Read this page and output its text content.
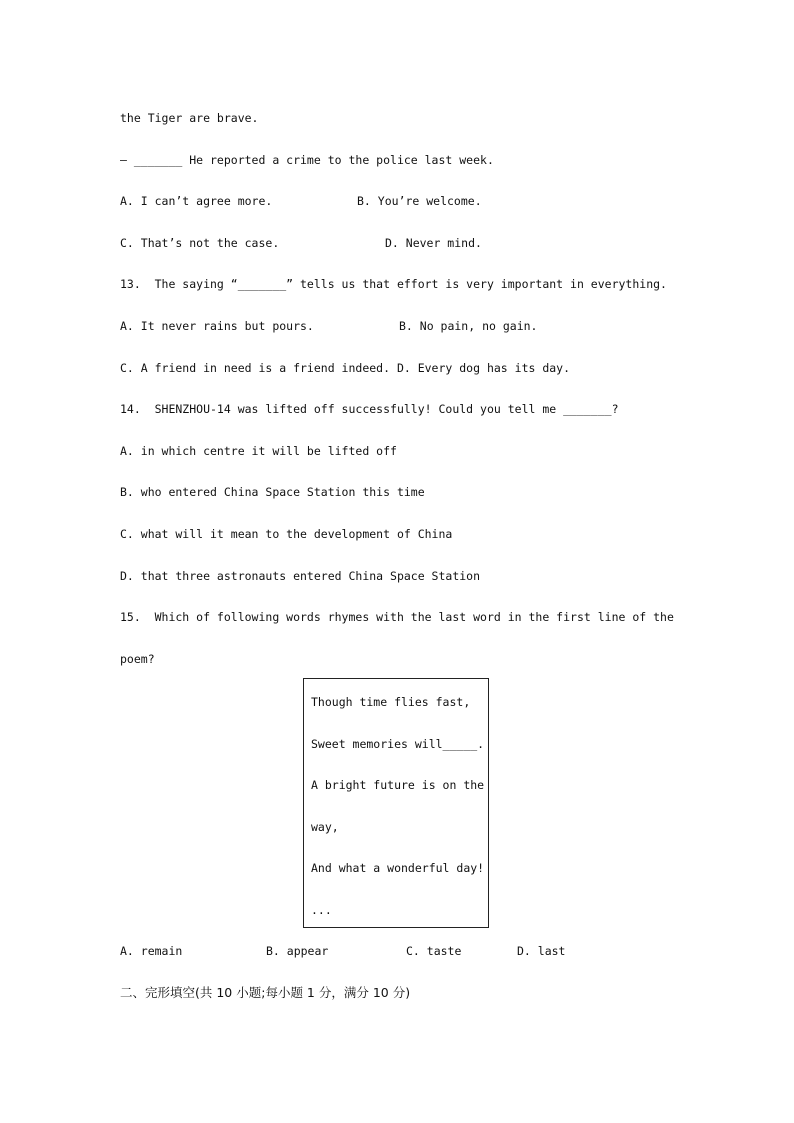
the Tiger are brave.
— _______ He reported a crime to the police last week.
A. I can’t agree more.	B. You’re welcome.
C. That’s not the case.	D. Never mind.
13.  The saying “_______” tells us that effort is very important in everything.
A. It never rains but pours.	B. No pain, no gain.
C. A friend in need is a friend indeed. D. Every dog has its day.
14.  SHENZHOU-14 was lifted off successfully! Could you tell me _______?
A. in which centre it will be lifted off
B. who entered China Space Station this time
C. what will it mean to the development of China
D. that three astronauts entered China Space Station
15.  Which of following words rhymes with the last word in the first line of the
poem?
Though time flies fast,
Sweet memories will_____.
A bright future is on the
way,
And what a wonderful day!
...
A. remain	B. appear	C. taste	D. last
二、完形填空(共 10 小题;每小题 1 分，满分 10 分)
